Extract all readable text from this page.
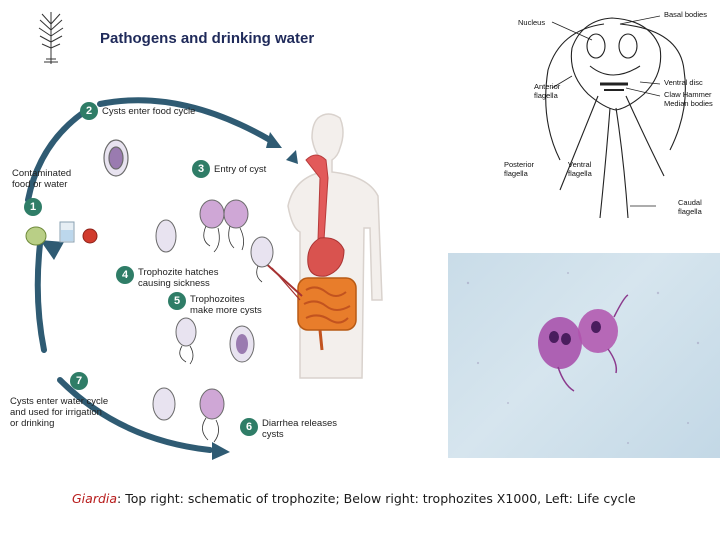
Pathogens and drinking water
2
3
1
4
5
7
6
Cysts enter food cycle
Entry of cyst
Contaminated
food or water
Trophozite hatches
causing sickness
Trophozoites
make more cysts
Cysts enter water cycle
and used for irrigation
or drinking	Diarrhea releases
cysts
Nucleus
Basal bodies
Anterior
flagella
Ventral disc
Claw Hammer
Median bodies
Posterior
flagella
Ventral
flagella
Caudal
flagella
Giardia: Top right: schematic of trophozite; Below right: trophozites X1000, Left: Life cycle
